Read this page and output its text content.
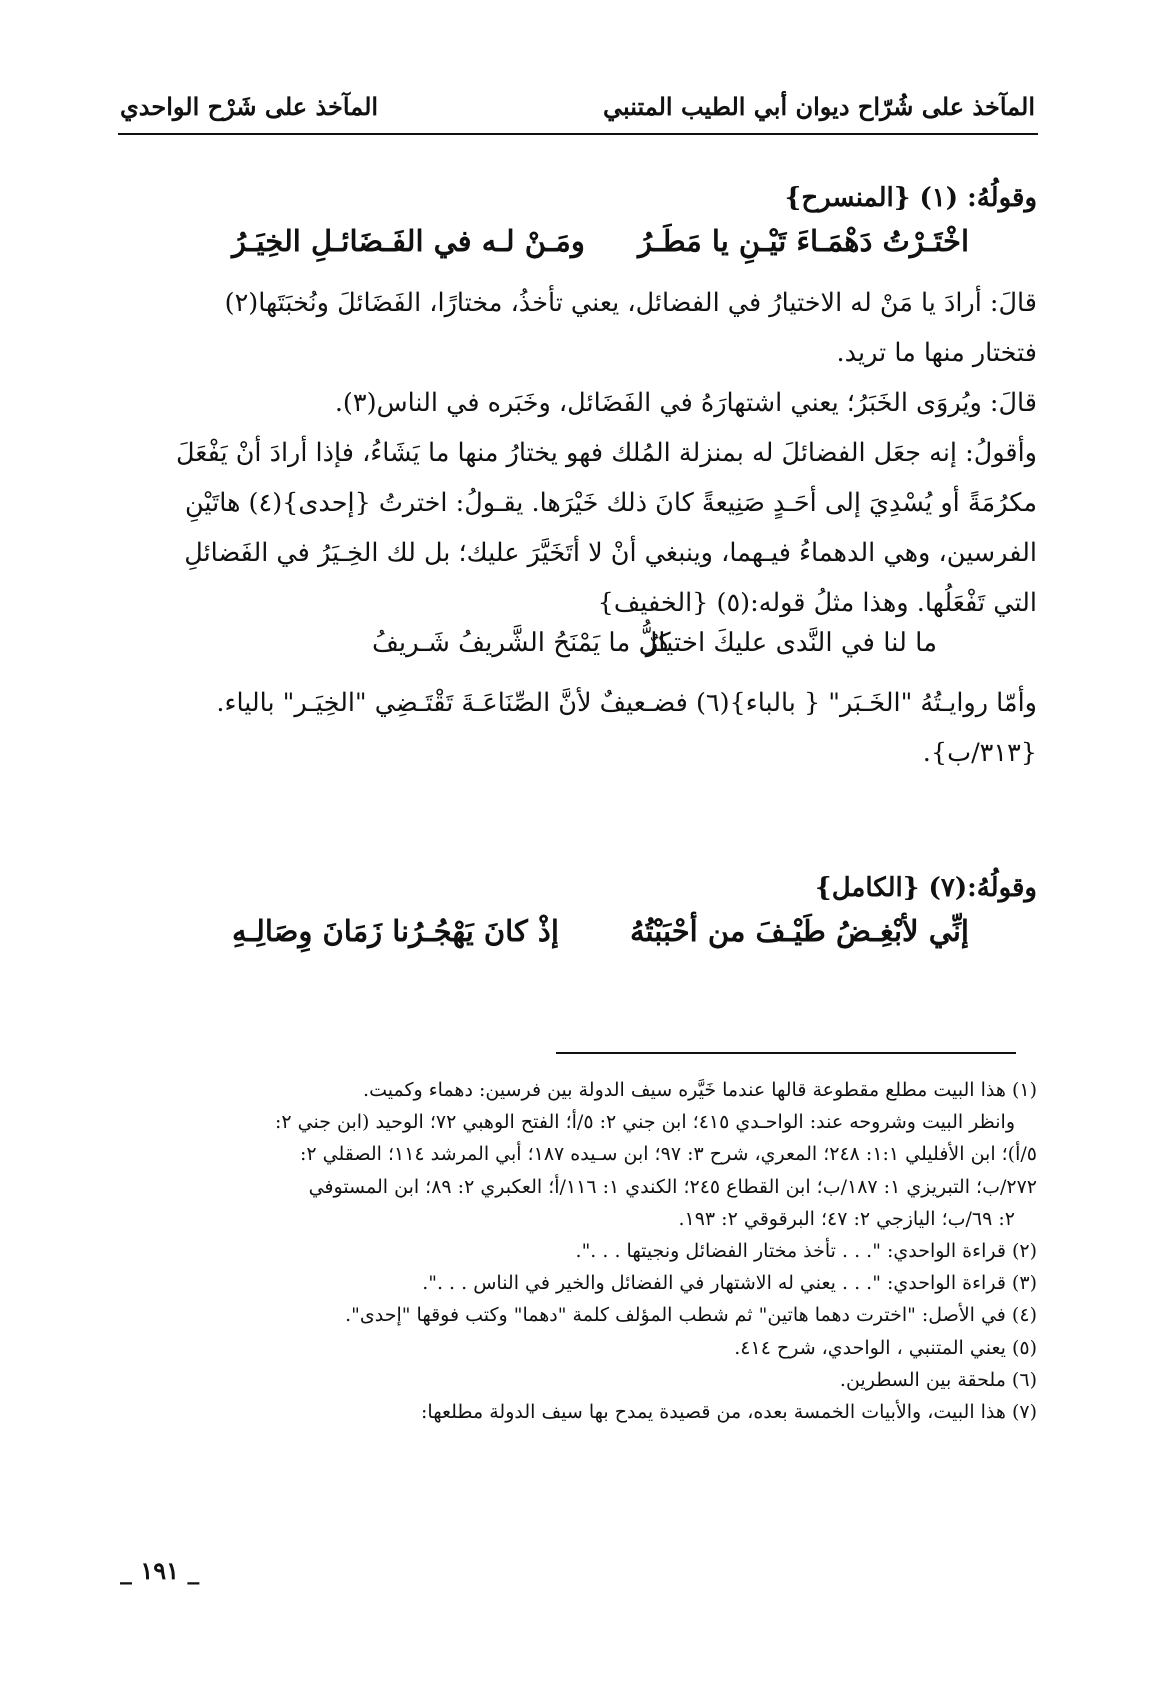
المآخذ على شُرّاح ديوان أبي الطيب المتنبي
المآخذ على شَرْح الواحدي
وقولُهُ: (١) {المنسرح}
اخْتَـرْتُ دَهْمَـاءَ تَيْـنِ يا مَطَـرُ
ومَـنْ لـه في الفَـضَائـلِ الخِيَـرُ
قالَ: أرادَ يا مَنْ له الاختيارُ في الفضائل، يعني تأخذُ، مختارًا، الفَضَائلَ ونُخبَتَها(٢)
فتختار منها ما تريد.
قالَ: ويُروَى الخَبَرُ؛ يعني اشتهارَهُ في الفَضَائل، وخَبَره في الناس(٣).
وأقولُ: إنه جعَل الفضائلَ له بمنزلة المُلك فهو يختارُ منها ما يَشَاءُ، فإذا أرادَ أنْ يَفْعَلَ
مكرُمَةً أو يُسْدِيَ إلى أحَـدٍ صَنِيعةً كانَ ذلك خَيْرَها. يقـولُ: اخترتُ {إحدى}(٤) هاتَيْنِ
الفرسين، وهي الدهماءُ فيـهما، وينبغي أنْ لا أتَخَيَّرَ عليك؛ بل لك الخِـيَرُ في الفَضائلِ
التي تَفْعَلُها. وهذا مثلُ قوله:(٥) {الخفيف}
ما لنا في النَّدى عليكَ اختيارٌ
كلُّ ما يَمْنَحُ الشَّريفُ شَـريفُ
وأمّا روايـتُهُ "الخَـبَر" { بالباء}(٦) فضـعيفٌ لأنَّ الصِّنَاعَـةَ تَقْتَـضِي "الخِيَـر" بالياء.
{٣١٣/ب}.
وقولُهُ:(٧) {الكامل}
إنِّي لأبْغِـضُ طَيْـفَ من أحْبَبْتُهُ
إذْ كانَ يَهْجُـرُنا زَمَانَ وِصَالِـهِ
(١) هذا البيت مطلع مقطوعة قالها عندما خَيَّره سيف الدولة بين فرسين: دهماء وكميت.
وانظر البيت وشروحه عند: الواحـدي ٤١٥؛ ابن جني ٢: ٥/أ؛ الفتح الوهبي ٧٢؛ الوحيد (ابن جني ٢:
٥/أ)؛ ابن الأفليلي ١:١: ٢٤٨؛ المعري، شرح ٣: ٩٧؛ ابن سـيده ١٨٧؛ أبي المرشد ١١٤؛ الصقلي ٢:
٢٧٢/ب؛ التبريزي ١: ١٨٧/ب؛ ابن القطاع ٢٤٥؛ الكندي ١: ١١٦/أ؛ العكبري ٢: ٨٩؛ ابن المستوفي
٢: ٦٩/ب؛ اليازجي ٢: ٤٧؛ البرقوقي ٢: ١٩٣.
(٢) قراءة الواحدي: ". . . تأخذ مختار الفضائل ونجيتها . . .".
(٣) قراءة الواحدي: ". . . يعني له الاشتهار في الفضائل والخير في الناس . . .".
(٤) في الأصل: "اخترت دهما هاتين" ثم شطب المؤلف كلمة "دهما" وكتب فوقها "إحدى".
(٥) يعني المتنبي ، الواحدي، شرح ٤١٤.
(٦) ملحقة بين السطرين.
(٧) هذا البيت، والأبيات الخمسة بعده، من قصيدة يمدح بها سيف الدولة مطلعها:
_ ١٩١ _
